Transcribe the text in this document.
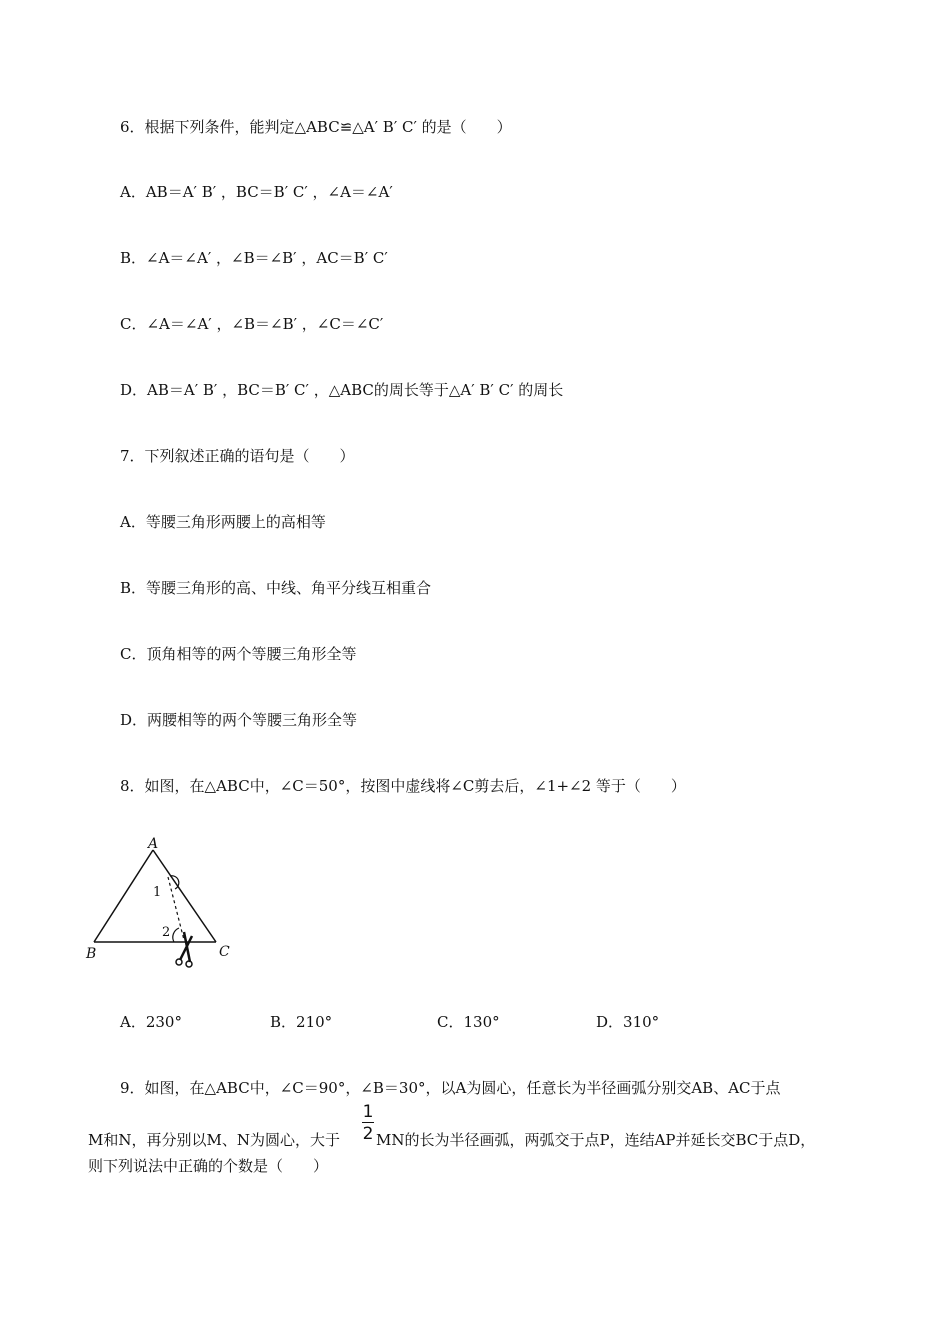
6．根据下列条件，能判定△ABC≌△A′ B′ C′ 的是（　　）
A．AB＝A′ B′ ，BC＝B′ C′ ，∠A＝∠A′
B．∠A＝∠A′ ，∠B＝∠B′ ，AC＝B′ C′
C．∠A＝∠A′ ，∠B＝∠B′ ，∠C＝∠C′
D．AB＝A′ B′ ，BC＝B′ C′ ，△ABC的周长等于△A′ B′ C′ 的周长
7．下列叙述正确的语句是（　　）
A．等腰三角形两腰上的高相等
B．等腰三角形的高、中线、角平分线互相重合
C．顶角相等的两个等腰三角形全等
D．两腰相等的两个等腰三角形全等
8．如图，在△ABC中，∠C＝50°，按图中虚线将∠C剪去后，∠1+∠2 等于（　　）
A
B	C
1
2
A．230°	B．210°	C．130°	D．310°
9．如图，在△ABC中，∠C＝90°，∠B＝30°，以A为圆心，任意长为半径画弧分别交AB、AC于点
M和N，再分别以M、N为圆心，大于
1
2 MN的长为半径画弧，两弧交于点P，连结AP并延长交BC于点D，
则下列说法中正确的个数是（　　）
